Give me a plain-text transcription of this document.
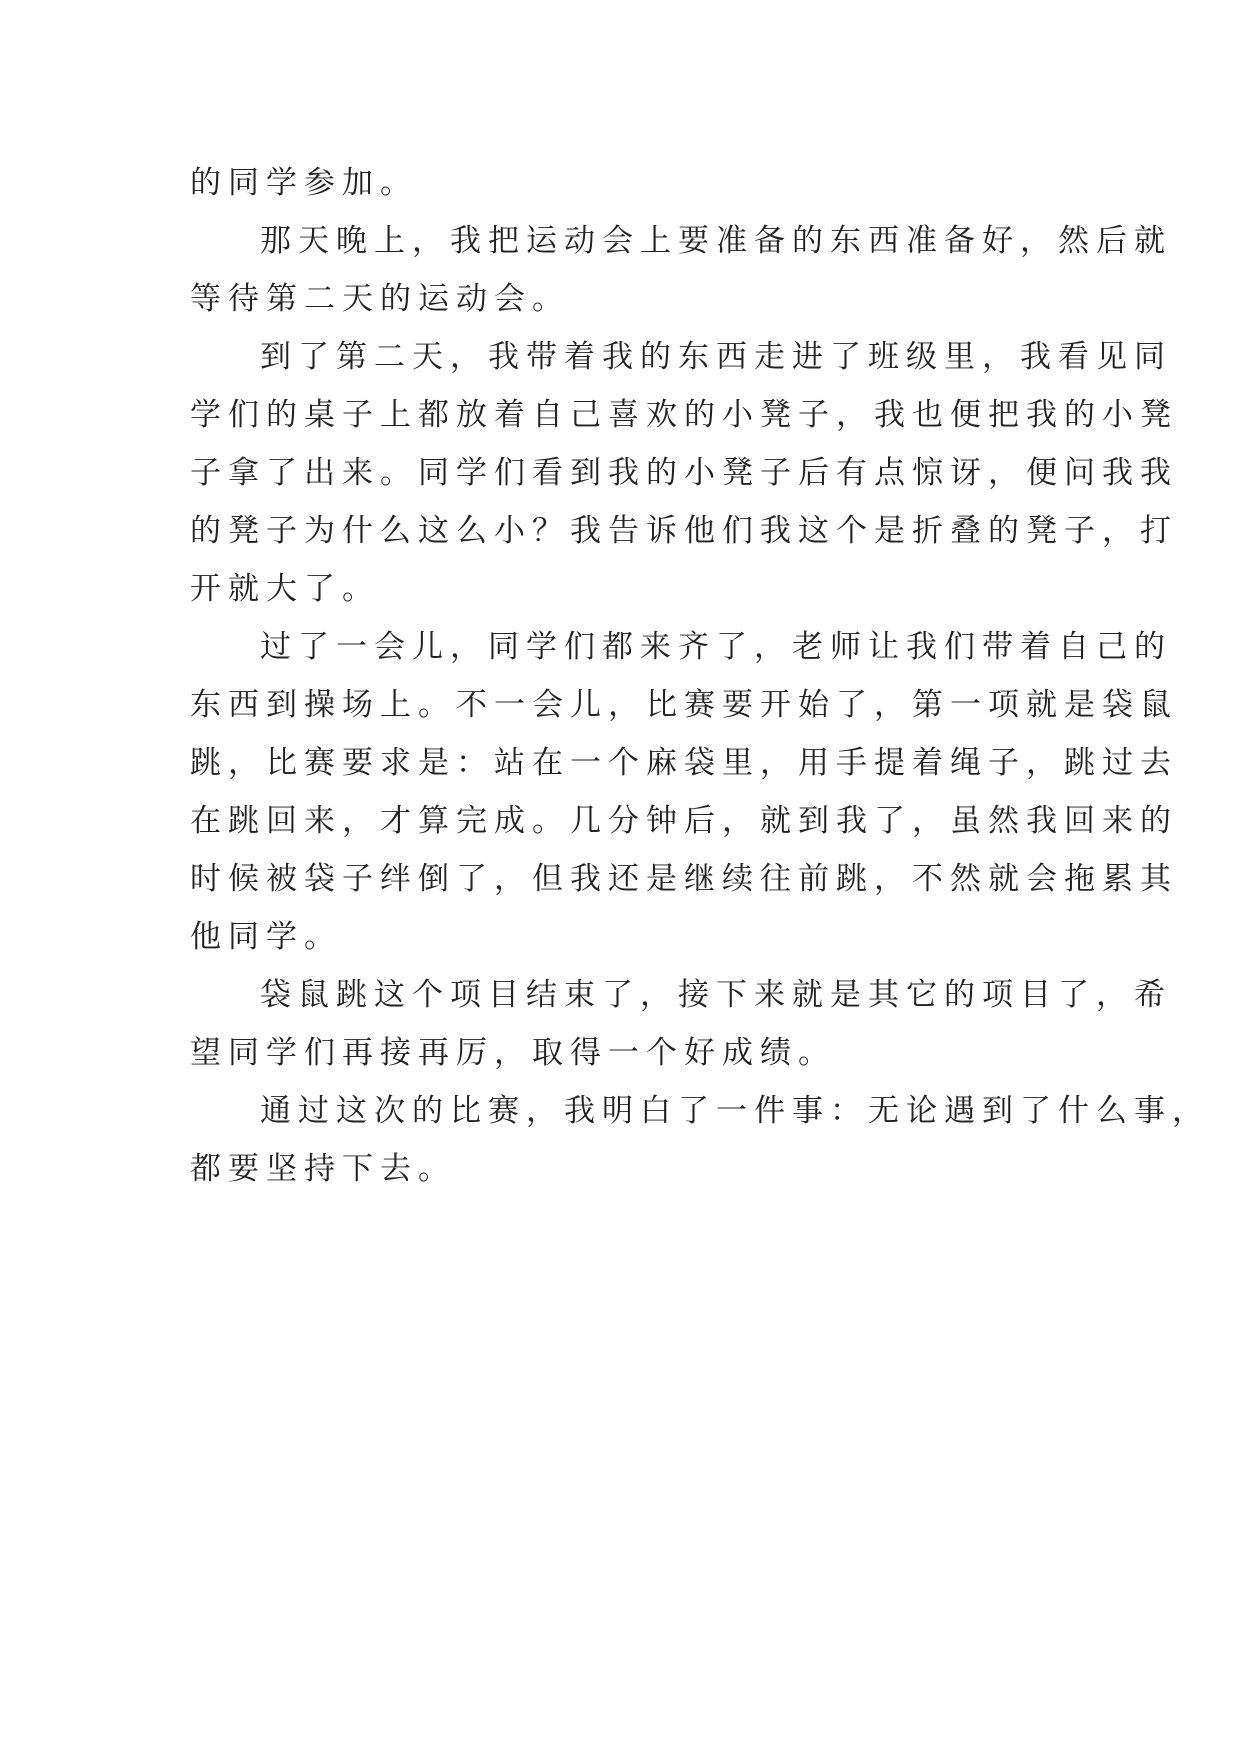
的同学参加。
那天晚上，我把运动会上要准备的东西准备好，然后就
等待第二天的运动会。
到了第二天，我带着我的东西走进了班级里，我看见同
学们的桌子上都放着自己喜欢的小凳子，我也便把我的小凳
子拿了出来。同学们看到我的小凳子后有点惊讶，便问我我
的凳子为什么这么小？我告诉他们我这个是折叠的凳子，打
开就大了。
过了一会儿，同学们都来齐了，老师让我们带着自己的
东西到操场上。不一会儿，比赛要开始了，第一项就是袋鼠
跳，比赛要求是：站在一个麻袋里，用手提着绳子，跳过去
在跳回来，才算完成。几分钟后，就到我了，虽然我回来的
时候被袋子绊倒了，但我还是继续往前跳，不然就会拖累其
他同学。
袋鼠跳这个项目结束了，接下来就是其它的项目了，希
望同学们再接再厉，取得一个好成绩。
通过这次的比赛，我明白了一件事：无论遇到了什么事，
都要坚持下去。
